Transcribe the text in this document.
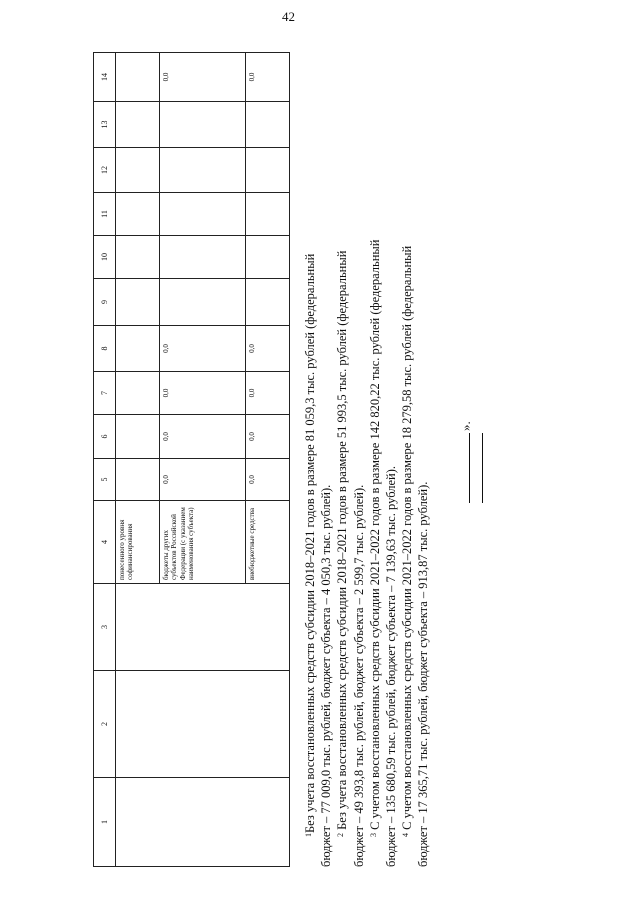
42
1	2	3	4	5	6	7	8	9	10	11	12	13	14
			понесенного уровня софинансирования										
			бюджеты других субъектов Российской Федерации (с указанием наименования субъекта)	0,0	0,0	0,0	0,0						0,0
			внебюджетные средства	0,0	0,0	0,0	0,0						0,0

$^1$Без учета восстановленных средств субсидии 2018–2021 годов в размере 81 059,3 тыс. рублей (федеральный бюджет – 77 009,0 тыс. рублей, бюджет субъекта – 4 050,3 тыс. рублей). $^2$ Без учета восстановленных средств субсидии 2018–2021 годов в размере 51 993,5 тыс. рублей (федеральный бюджет – 49 393,8 тыс. рублей, бюджет субъекта – 2 599,7 тыс. рублей). $^3$ С учетом восстановленных средств субсидии 2021–2022 годов в размере 142 820,22 тыс. рублей (федеральный бюджет – 135 680,59 тыс. рублей, бюджет субъекта – 7 139,63 тыс. рублей). $^4$ С учетом восстановленных средств субсидии 2021–2022 годов в размере 18 279,58 тыс. рублей (федеральный бюджет – 17 365,71 тыс. рублей, бюджет субъекта – 913,87 тыс. рублей).

».
